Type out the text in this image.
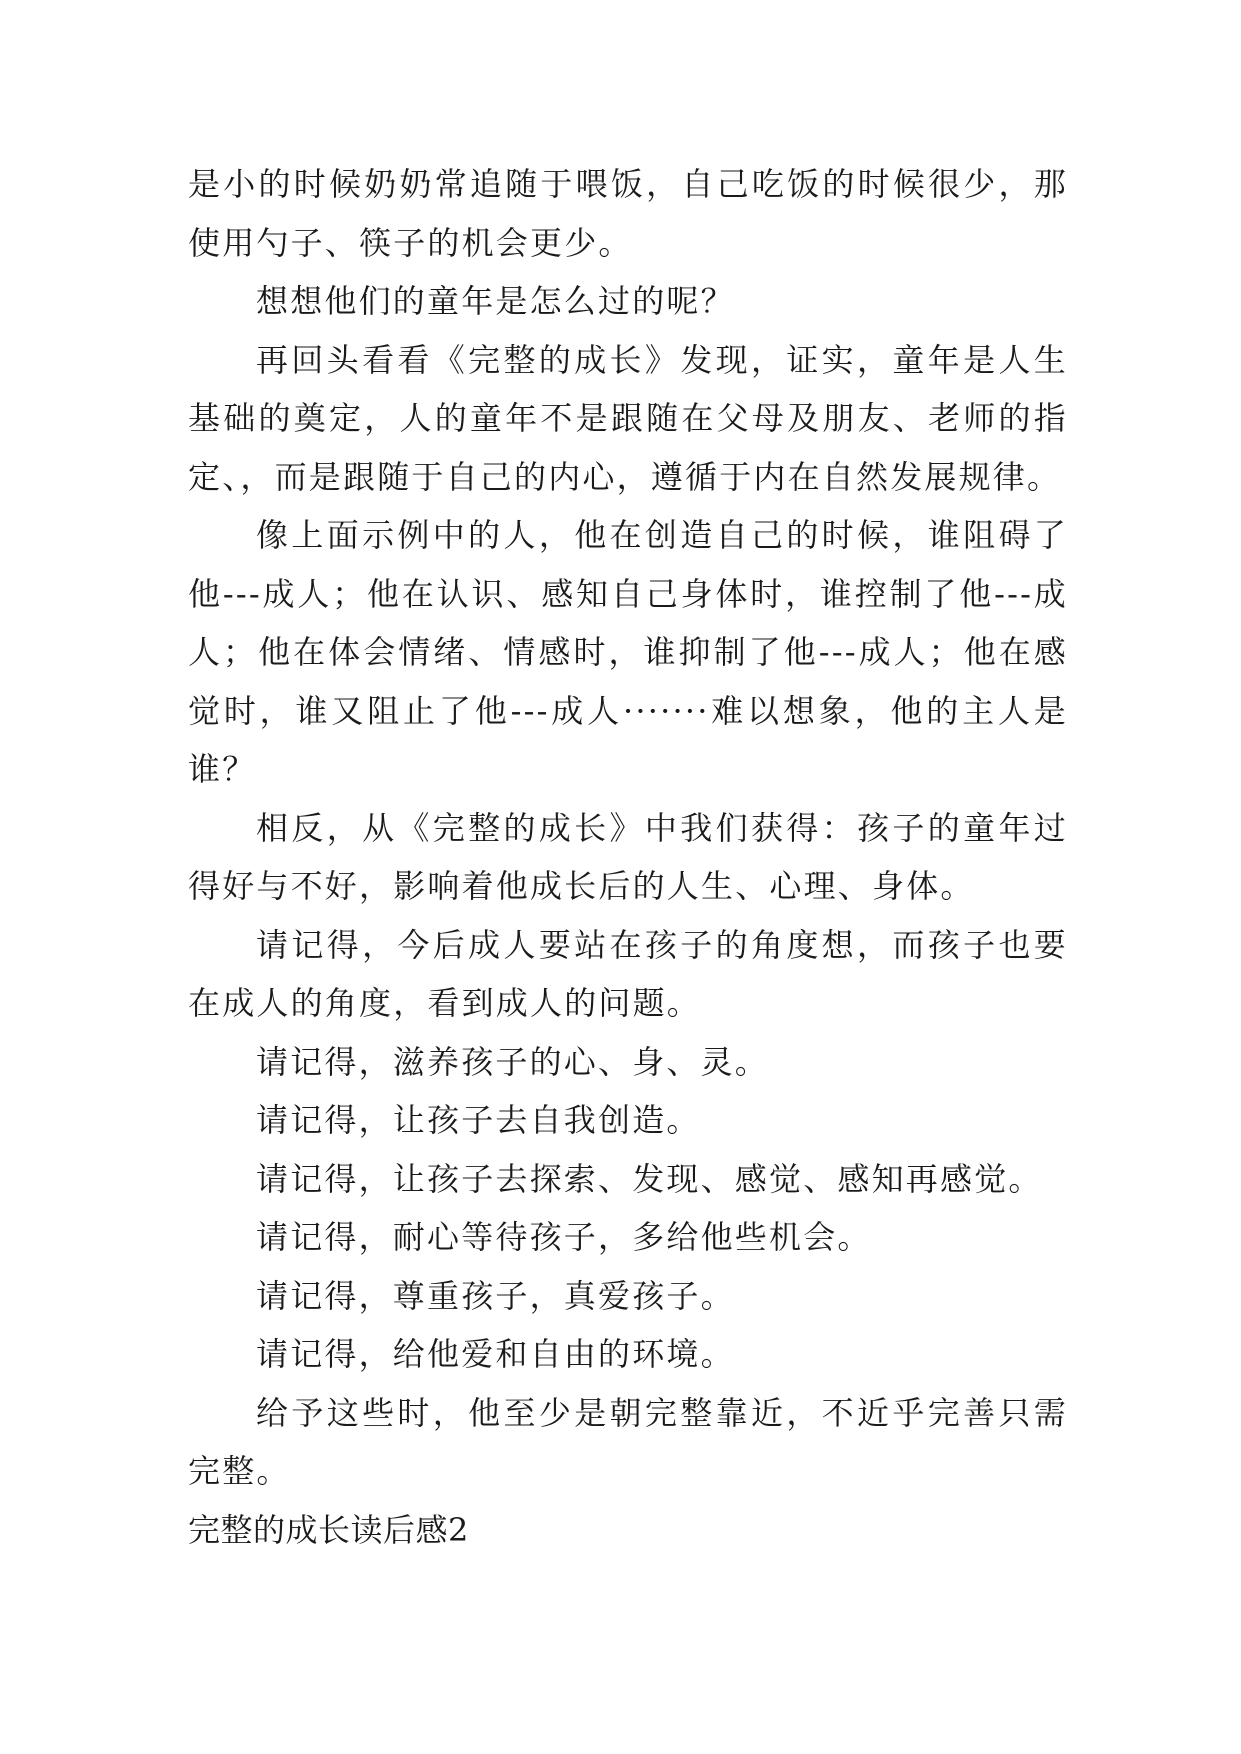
是小的时候奶奶常追随于喂饭，自己吃饭的时候很少，那使用勺子、筷子的机会更少。

想想他们的童年是怎么过的呢？

再回头看看《完整的成长》发现，证实，童年是人生基础的奠定，人的童年不是跟随在父母及朋友、老师的指定、，而是跟随于自己的内心，遵循于内在自然发展规律。

像上面示例中的人，他在创造自己的时候，谁阻碍了他---成人；他在认识、感知自己身体时，谁控制了他---成人；他在体会情绪、情感时，谁抑制了他---成人；他在感觉时，谁又阻止了他---成人·······难以想象，他的主人是谁？

相反，从《完整的成长》中我们获得：孩子的童年过得好与不好，影响着他成长后的人生、心理、身体。

请记得，今后成人要站在孩子的角度想，而孩子也要在成人的角度，看到成人的问题。

请记得，滋养孩子的心、身、灵。

请记得，让孩子去自我创造。

请记得，让孩子去探索、发现、感觉、感知再感觉。

请记得，耐心等待孩子，多给他些机会。

请记得，尊重孩子，真爱孩子。

请记得，给他爱和自由的环境。

给予这些时，他至少是朝完整靠近，不近乎完善只需完整。

完整的成长读后感2
